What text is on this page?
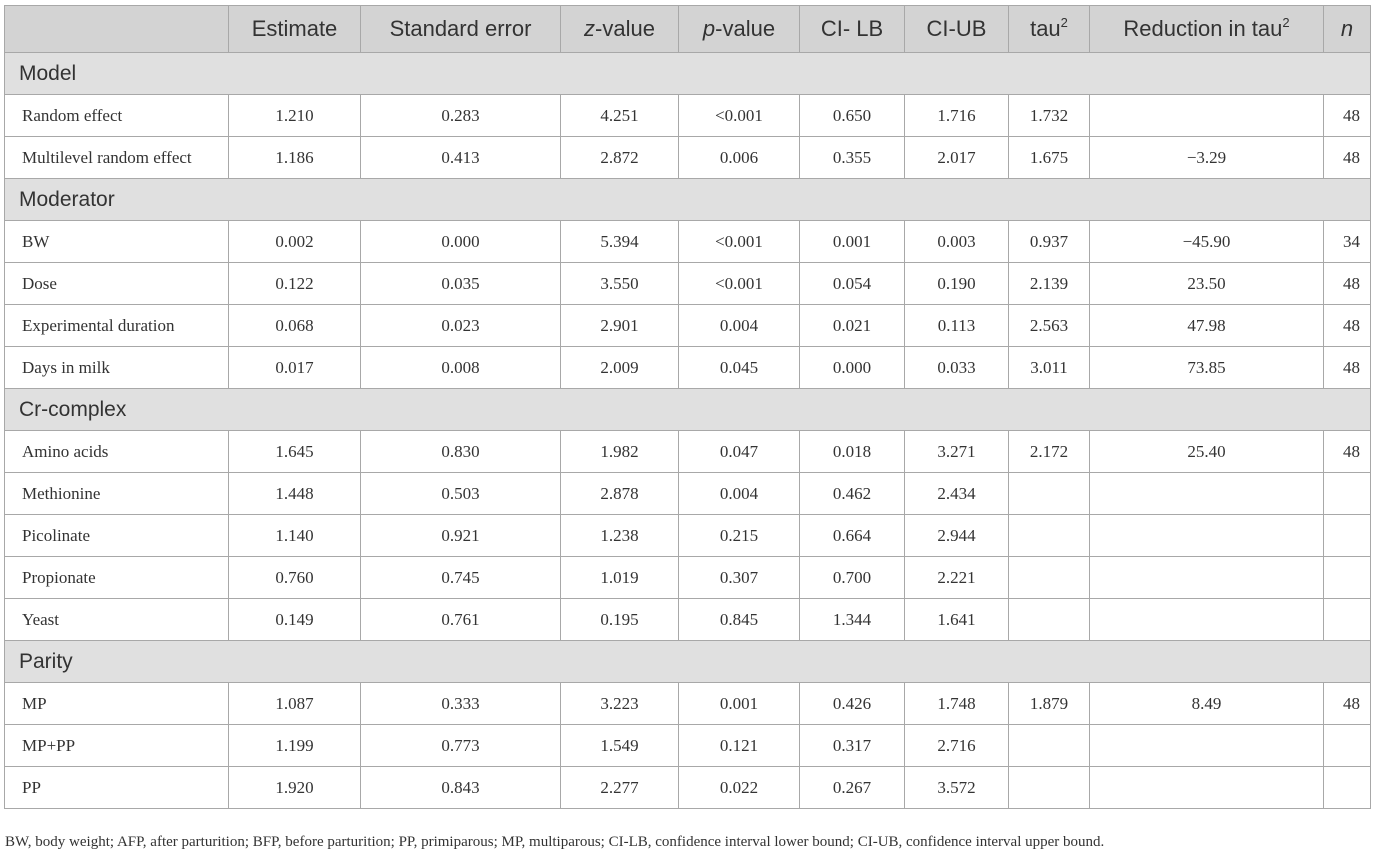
	Estimate	Standard error	z-value	p-value	CI- LB	CI-UB	tau$^2$	Reduction in tau$^2$	n
Model									
Random effect	1.210	0.283	4.251	<0.001	0.650	1.716	1.732		48
Multilevel random effect	1.186	0.413	2.872	0.006	0.355	2.017	1.675	−3.29	48
Moderator									
BW	0.002	0.000	5.394	<0.001	0.001	0.003	0.937	−45.90	34
Dose	0.122	0.035	3.550	<0.001	0.054	0.190	2.139	23.50	48
Experimental duration	0.068	0.023	2.901	0.004	0.021	0.113	2.563	47.98	48
Days in milk	0.017	0.008	2.009	0.045	0.000	0.033	3.011	73.85	48
Cr-complex									
Amino acids	1.645	0.830	1.982	0.047	0.018	3.271	2.172	25.40	48
Methionine	1.448	0.503	2.878	0.004	0.462	2.434			
Picolinate	1.140	0.921	1.238	0.215	0.664	2.944			
Propionate	0.760	0.745	1.019	0.307	0.700	2.221			
Yeast	0.149	0.761	0.195	0.845	1.344	1.641			
Parity									
MP	1.087	0.333	3.223	0.001	0.426	1.748	1.879	8.49	48
MP+PP	1.199	0.773	1.549	0.121	0.317	2.716			
PP	1.920	0.843	2.277	0.022	0.267	3.572			
BW, body weight; AFP, after parturition; BFP, before parturition; PP, primiparous; MP, multiparous; CI-LB, confidence interval lower bound; CI-UB, confidence interval upper bound.
